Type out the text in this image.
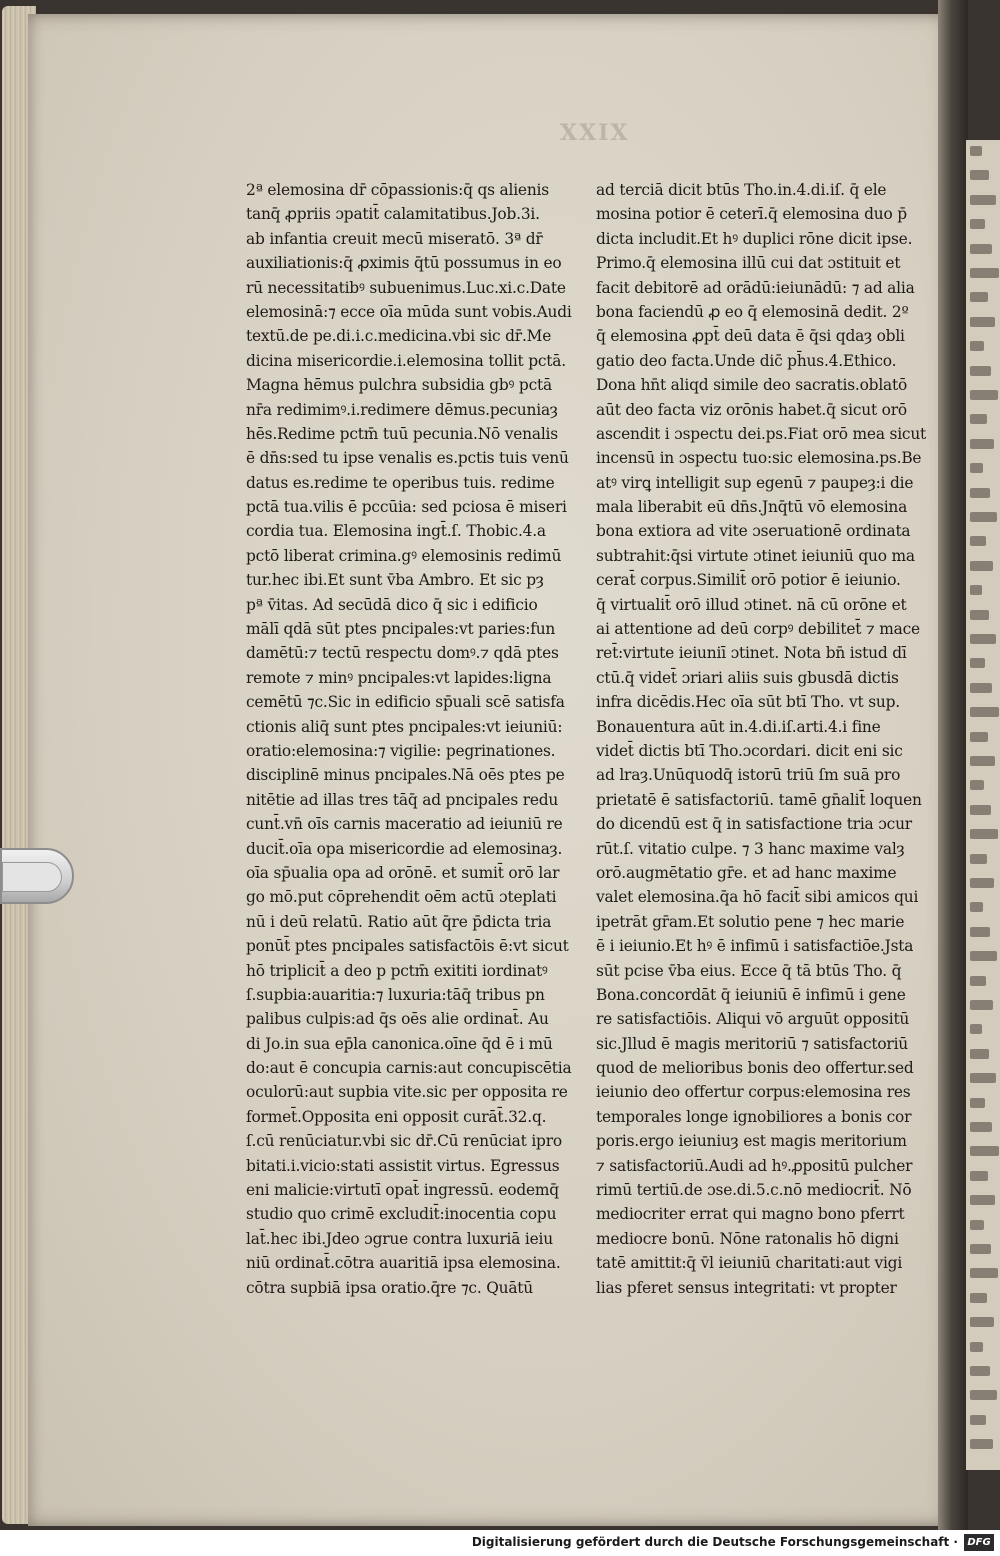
XXIX
2ª elemosina dr̄ cōpassionis:q̄ qs alienis
tanq̄ ꝓpriis ɔpatit̄ calamitatibus.Job.3i.
ab infantia creuit mecū miseratō. 3ª dr̄
auxiliationis:q̄ ꝓximis q̄tū possumus in eo
rū necessitatibꝰ subuenimus.Luc.xi.c.Date
elemosinā:⁊ ecce oīa mūda sunt vobis.Audi
textū.de pe.di.i.c.medicina.vbi sic dr̄.Me
dicina misericordie.i.elemosina tollit pctā.
Magna hēmus pulchra subsidia gbꝰ pctā
nr̄a redimimꝰ.i.redimere dēmus.pecuniaȝ
hēs.Redime pctm̄ tuū pecunia.Nō venalis
ē dn̄s:sed tu ipse venalis es.pctis tuis venū
datus es.redime te operibus tuis. redime
pctā tua.vilis ē pccūia: sed pciosa ē miseri
cordia tua. Elemosina ingt̄.ſ. Thobic.4.a
pctō liberat crimina.gꝰ elemosinis redimū
tur.hec ibi.Et sunt v̄ba Ambro. Et sic pȝ
pª v̄itas. Ad secūdā dico q̄ sic i edificio
mālī qdā sūt ptes pncipales:vt paries:fun
damētū:⁊ tectū respectu domꝰ.⁊ qdā ptes
remote ⁊ minꝰ pncipales:vt lapides:ligna
cemētū ⁊c.Sic in edificio sp̄uali scē satisfa
ctionis aliq̄ sunt ptes pncipales:vt ieiuniū:
oratio:elemosina:⁊ vigilie: pegrinationes.
disciplinē minus pncipales.Nā oēs ptes pe
nitētie ad illas tres tāq̄ ad pncipales redu
cunt̄.vn̄ oīs carnis maceratio ad ieiuniū re
ducit̄.oīa opa misericordie ad elemosinaȝ.
oīa sp̄ualia opa ad orōnē. et sumit̄ orō lar
go mō.put cōprehendit oēm actū ɔteplati
nū i deū relatū. Ratio aūt q̄re p̄dicta tria
ponūt̄ ptes pncipales satisfactōis ē:vt sicut
hō triplicit̄ a deo p pctm̄ exititi iordinatꝰ
ſ.supbia:auaritia:⁊ luxuria:tāq̄ tribus pn
palibus culpis:ad q̄s oēs alie ordinat̄. Au
di Jo.in sua ep̄la canonica.oīne q̄d ē i mū
do:aut ē concupia carnis:aut concupiscētia
oculorū:aut supbia vite.sic per opposita re
formet̄.Opposita eni opposit curāt̄.32.q.
ſ.cū renūciatur.vbi sic dr̄.Cū renūciat ipro
bitati.i.vicio:stati assistit virtus. Egressus
eni malicie:virtutī opat̄ ingressū. eodemq̄
studio quo crimē excludit̄:inocentia copu
lat̄.hec ibi.Jdeo ɔgrue contra luxuriā ieiu
niū ordinat̄.cōtra auaritiā ipsa elemosina.
cōtra supbiā ipsa oratio.q̄re ⁊c. Quātū
ad terciā dicit btūs Tho.in.4.di.iſ. q̄ ele
mosina potior ē ceterī.q̄ elemosina duo p̄
dicta includit.Et hꝰ duplici rōne dicit ipse.
Primo.q̄ elemosina illū cui dat ɔstituit et
facit debitorē ad orādū:ieiunādū: ⁊ ad alia
bona faciendū ꝓ eo q̄ elemosinā dedit. 2º
q̄ elemosina ꝓpt̄ deū data ē q̄si qdaȝ obli
gatio deo facta.Unde dic̄ ph̄us.4.Ethico.
Dona hn̄t aliqd simile deo sacratis.oblatō
aūt deo facta viz orōnis habet.q̄ sicut orō
ascendit i ɔspectu dei.ps.Fiat orō mea sicut
incensū in ɔspectu tuo:sic elemosina.ps.Be
atꝰ virꝗ intelligit sup egenū ⁊ paupeȝ:i die
mala liberabit eū dn̄s.Jnq̄tū vō elemosina
bona extiora ad vite ɔseruationē ordinata
subtrahit:q̄si virtute ɔtinet ieiuniū quo ma
cerat̄ corpus.Similit̄ orō potior ē ieiunio.
q̄ virtualit̄ orō illud ɔtinet. nā cū orōne et
ai attentione ad deū corpꝰ debilitet̄ ⁊ mace
ret̄:virtute ieiuniī ɔtinet. Nota bn̄ istud dī
ctū.q̄ videt̄ ɔriari aliis suis gbusdā dictis
infra dicēdis.Hec oīa sūt btī Tho. vt sup.
Bonauentura aūt in.4.di.iſ.arti.4.i fine
videt̄ dictis btī Tho.ɔcordari. dicit eni sic
ad lraȝ.Unūquodq̄ istorū triū ſm suā pro
prietatē ē satisfactoriū. tamē gn̄alit̄ loquen
do dicendū est q̄ in satisfactione tria ɔcur
rūt.ſ. vitatio culpe. ⁊ 3 hanc maxime valȝ
orō.augmētatio gr̄e. et ad hanc maxime
valet elemosina.q̄a hō facit̄ sibi amicos qui
ipetrāt gr̄am.Et solutio pene ⁊ hec marie
ē i ieiunio.Et hꝰ ē infimū i satisfactiōe.Jsta
sūt pcise v̄ba eius. Ecce q̄ tā btūs Tho. q̄
Bona.concordāt q̄ ieiuniū ē infimū i gene
re satisfactiōis. Aliqui vō arguūt oppositū
sic.Jllud ē magis meritoriū ⁊ satisfactoriū
quod de melioribus bonis deo offertur.sed
ieiunio deo offertur corpus:elemosina res
temporales longe ignobiliores a bonis cor
poris.ergo ieiuniuȝ est magis meritorium
⁊ satisfactoriū.Audi ad hꝰ.ꝓpositū pulcher
rimū tertiū.de ɔse.di.5.c.nō mediocrit̄. Nō
mediocriter errat qui magno bono pferrt
mediocre bonū. Nōne ratonalis hō digni
tatē amittit:q̄ v̄l ieiuniū charitati:aut vigi
lias pferet sensus integritati: vt propter
Digitalisierung gefördert durch die Deutsche Forschungsgemeinschaft · DFG
